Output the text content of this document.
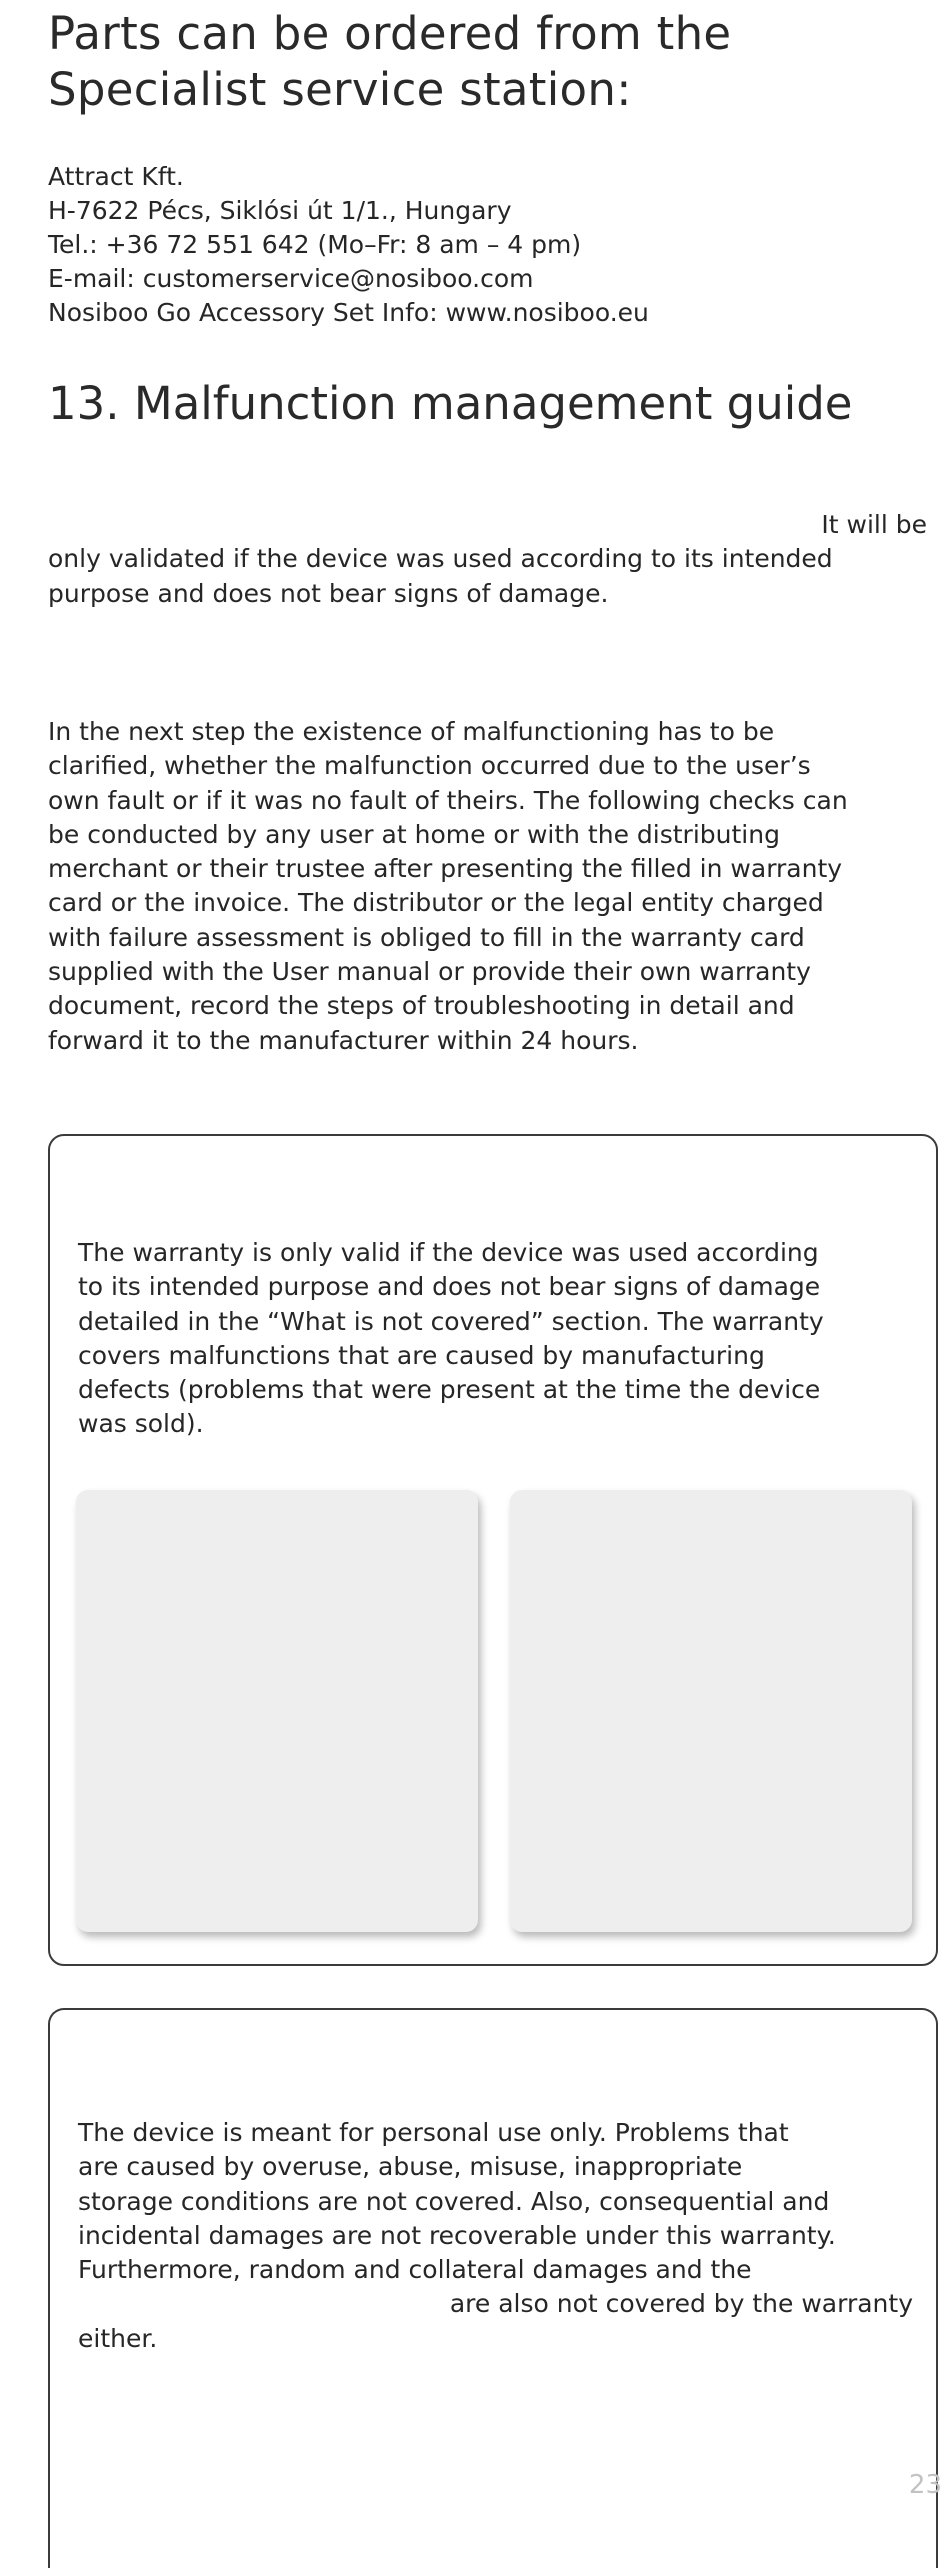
Parts can be ordered from the
Specialist service station:
Attract Kft.
H-7622 Pécs, Siklósi út 1/1., Hungary
Tel.: +36 72 551 642 (Mo–Fr: 8 am – 4 pm)
E-mail: customerservice@nosiboo.com
Nosiboo Go Accessory Set Info: www.nosiboo.eu
13. Malfunction management guide
It will be
only validated if the device was used according to its intended
purpose and does not bear signs of damage.
In the next step the existence of malfunctioning has to be
clarified, whether the malfunction occurred due to the user’s
own fault or if it was no fault of theirs. The following checks can
be conducted by any user at home or with the distributing
merchant or their trustee after presenting the filled in warranty
card or the invoice. The distributor or the legal entity charged
with failure assessment is obliged to fill in the warranty card
supplied with the User manual or provide their own warranty
document, record the steps of troubleshooting in detail and
forward it to the manufacturer within 24 hours.
The warranty is only valid if the device was used according
to its intended purpose and does not bear signs of damage
detailed in the “What is not covered” section. The warranty
covers malfunctions that are caused by manufacturing
defects (problems that were present at the time the device
was sold).
The device is meant for personal use only. Problems that
are caused by overuse, abuse, misuse, inappropriate
storage conditions are not covered. Also, consequential and
incidental damages are not recoverable under this warranty.
Furthermore, random and collateral damages and the
are also not covered by the warranty
either.
23
